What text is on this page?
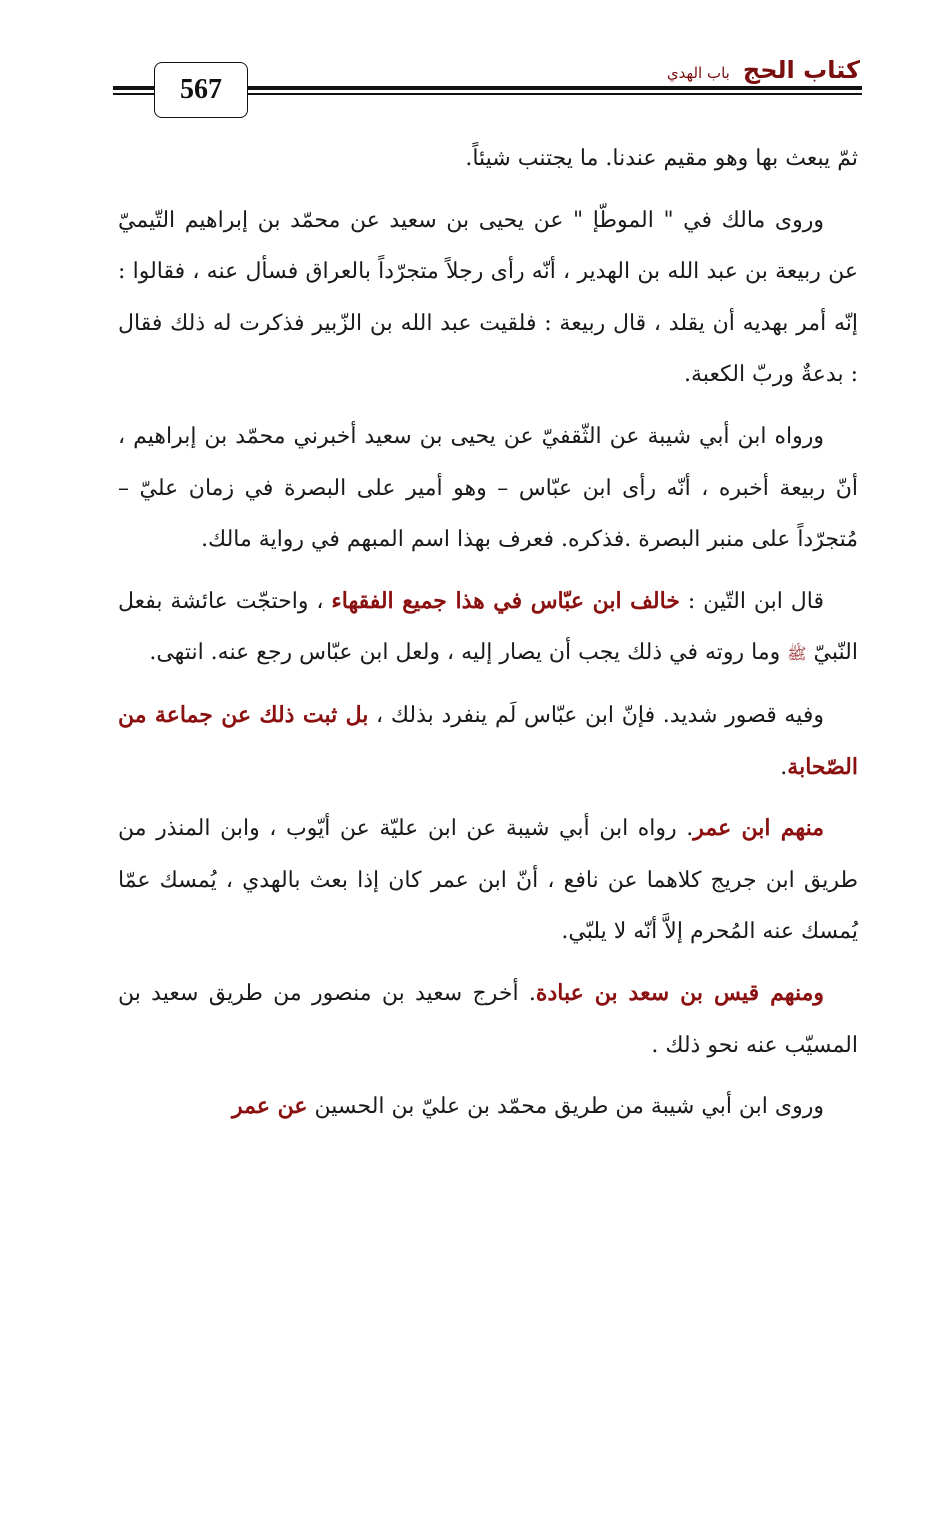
567
كتاب الحج باب الهدي

ثمّ يبعث بها وهو مقيم عندنا. ما يجتنب شيئاً.

وروى مالك في " الموطّإ " عن يحيى بن سعيد عن محمّد بن إبراهيم التّيميّ عن ربيعة بن عبد الله بن الهدير ، أنّه رأى رجلاً متجرّداً بالعراق فسأل عنه ، فقالوا : إنّه أمر بهديه أن يقلد ، قال ربيعة : فلقيت عبد الله بن الزّبير فذكرت له ذلك فقال : بدعةٌ وربّ الكعبة.

ورواه ابن أبي شيبة عن الثّقفيّ عن يحيى بن سعيد أخبرني محمّد بن إبراهيم ، أنّ ربيعة أخبره ، أنّه رأى ابن عبّاس – وهو أمير على البصرة في زمان عليّ – مُتجرّداً على منبر البصرة .فذكره. فعرف بهذا اسم المبهم في رواية مالك.

قال ابن التّين : خالف ابن عبّاس في هذا جميع الفقهاء ، واحتجّت عائشة بفعل النّبيّ ﷺ وما روته في ذلك يجب أن يصار إليه ، ولعل ابن عبّاس رجع عنه. انتهى.

وفيه قصور شديد. فإنّ ابن عبّاس لَم ينفرد بذلك ، بل ثبت ذلك عن جماعة من الصّحابة.

منهم ابن عمر. رواه ابن أبي شيبة عن ابن عليّة عن أيّوب ، وابن المنذر من طريق ابن جريج كلاهما عن نافع ، أنّ ابن عمر كان إذا بعث بالهدي ، يُمسك عمّا يُمسك عنه المُحرم إلاَّ أنّه لا يلبّي.

ومنهم قيس بن سعد بن عبادة. أخرج سعيد بن منصور من طريق سعيد بن المسيّب عنه نحو ذلك .

وروى ابن أبي شيبة من طريق محمّد بن عليّ بن الحسين عن عمر
